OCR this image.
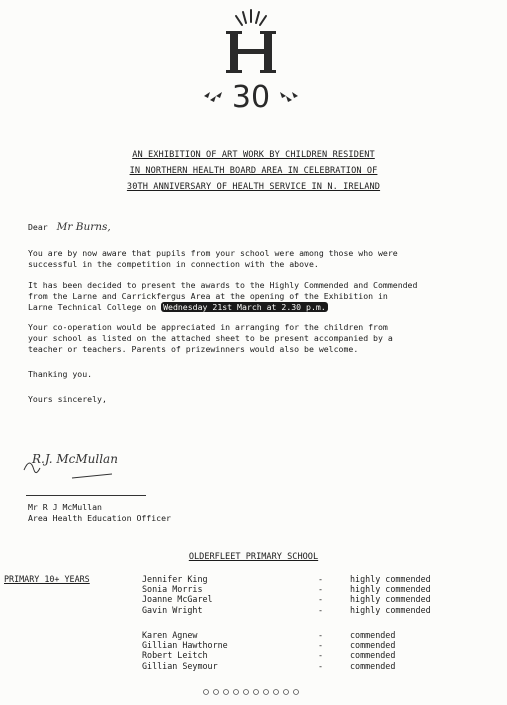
30
AN EXHIBITION OF ART WORK BY CHILDREN RESIDENT
IN NORTHERN HEALTH BOARD AREA IN CELEBRATION OF
30TH ANNIVERSARY OF HEALTH SERVICE IN N. IRELAND
Dear Mr Burns,
You are by now aware that pupils from your school were among those who were
successful in the competition in connection with the above.
It has been decided to present the awards to the Highly Commended and Commended
from the Larne and Carrickfergus Area at the opening of the Exhibition in
Larne Technical College on Wednesday 21st March at 2.30 p.m.
Your co-operation would be appreciated in arranging for the children from
your school as listed on the attached sheet to be present accompanied by a
teacher or teachers. Parents of prizewinners would also be welcome.
Thanking you.
Yours sincerely,
R.J. McMullan
Mr R J McMullan
Area Health Education Officer
OLDERFLEET PRIMARY SCHOOL
PRIMARY 10+ YEARS	Jennifer King
Sonia Morris
Joanne McGarel
Gavin Wright
-
-
-
-
highly commended
highly commended
highly commended
highly commended
Karen Agnew
Gillian Hawthorne
Robert Leitch
Gillian Seymour
-
-
-
-
commended
commended
commended
commended
